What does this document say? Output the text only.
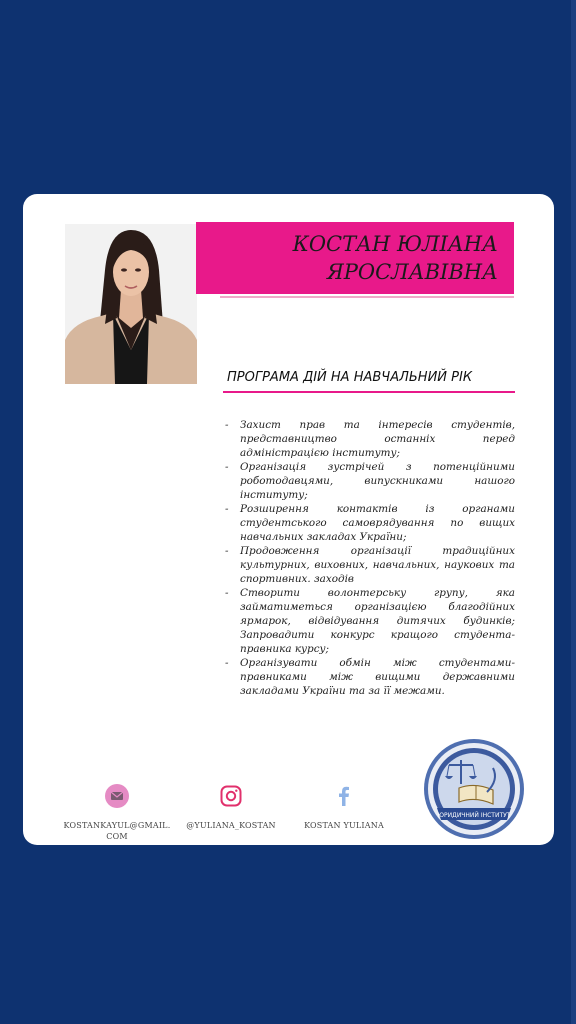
КОСТАН ЮЛІАНА
ЯРОСЛАВІВНА
ПРОГРАМА ДІЙ НА НАВЧАЛЬНИЙ РІК
- Захист прав та інтересів студентів, представництво останніх перед адміністрацією інституту;
- Організація зустрічей з потенційними роботодавцями, випускниками нашого інституту;
- Розширення контактів із органами студентського самоврядування по вищих навчальних закладах України;
- Продовження організації традиційних культурних, виховних, навчальних, наукових та спортивних. заходів
- Створити волонтерську групу, яка займатиметься організацією благодійних ярмарок, відвідування дитячих будинків; Запровадити конкурс кращого студента-правника курсу;
- Організувати обмін між студентами-правниками між вищими державними закладами України та за її межами.
KOSTANKAYUL@GMAIL. COM
@YULIANA_KOSTAN	KOSTAN YULIANA
ЮРИДИЧНИЙ ІНСТИТУТ
